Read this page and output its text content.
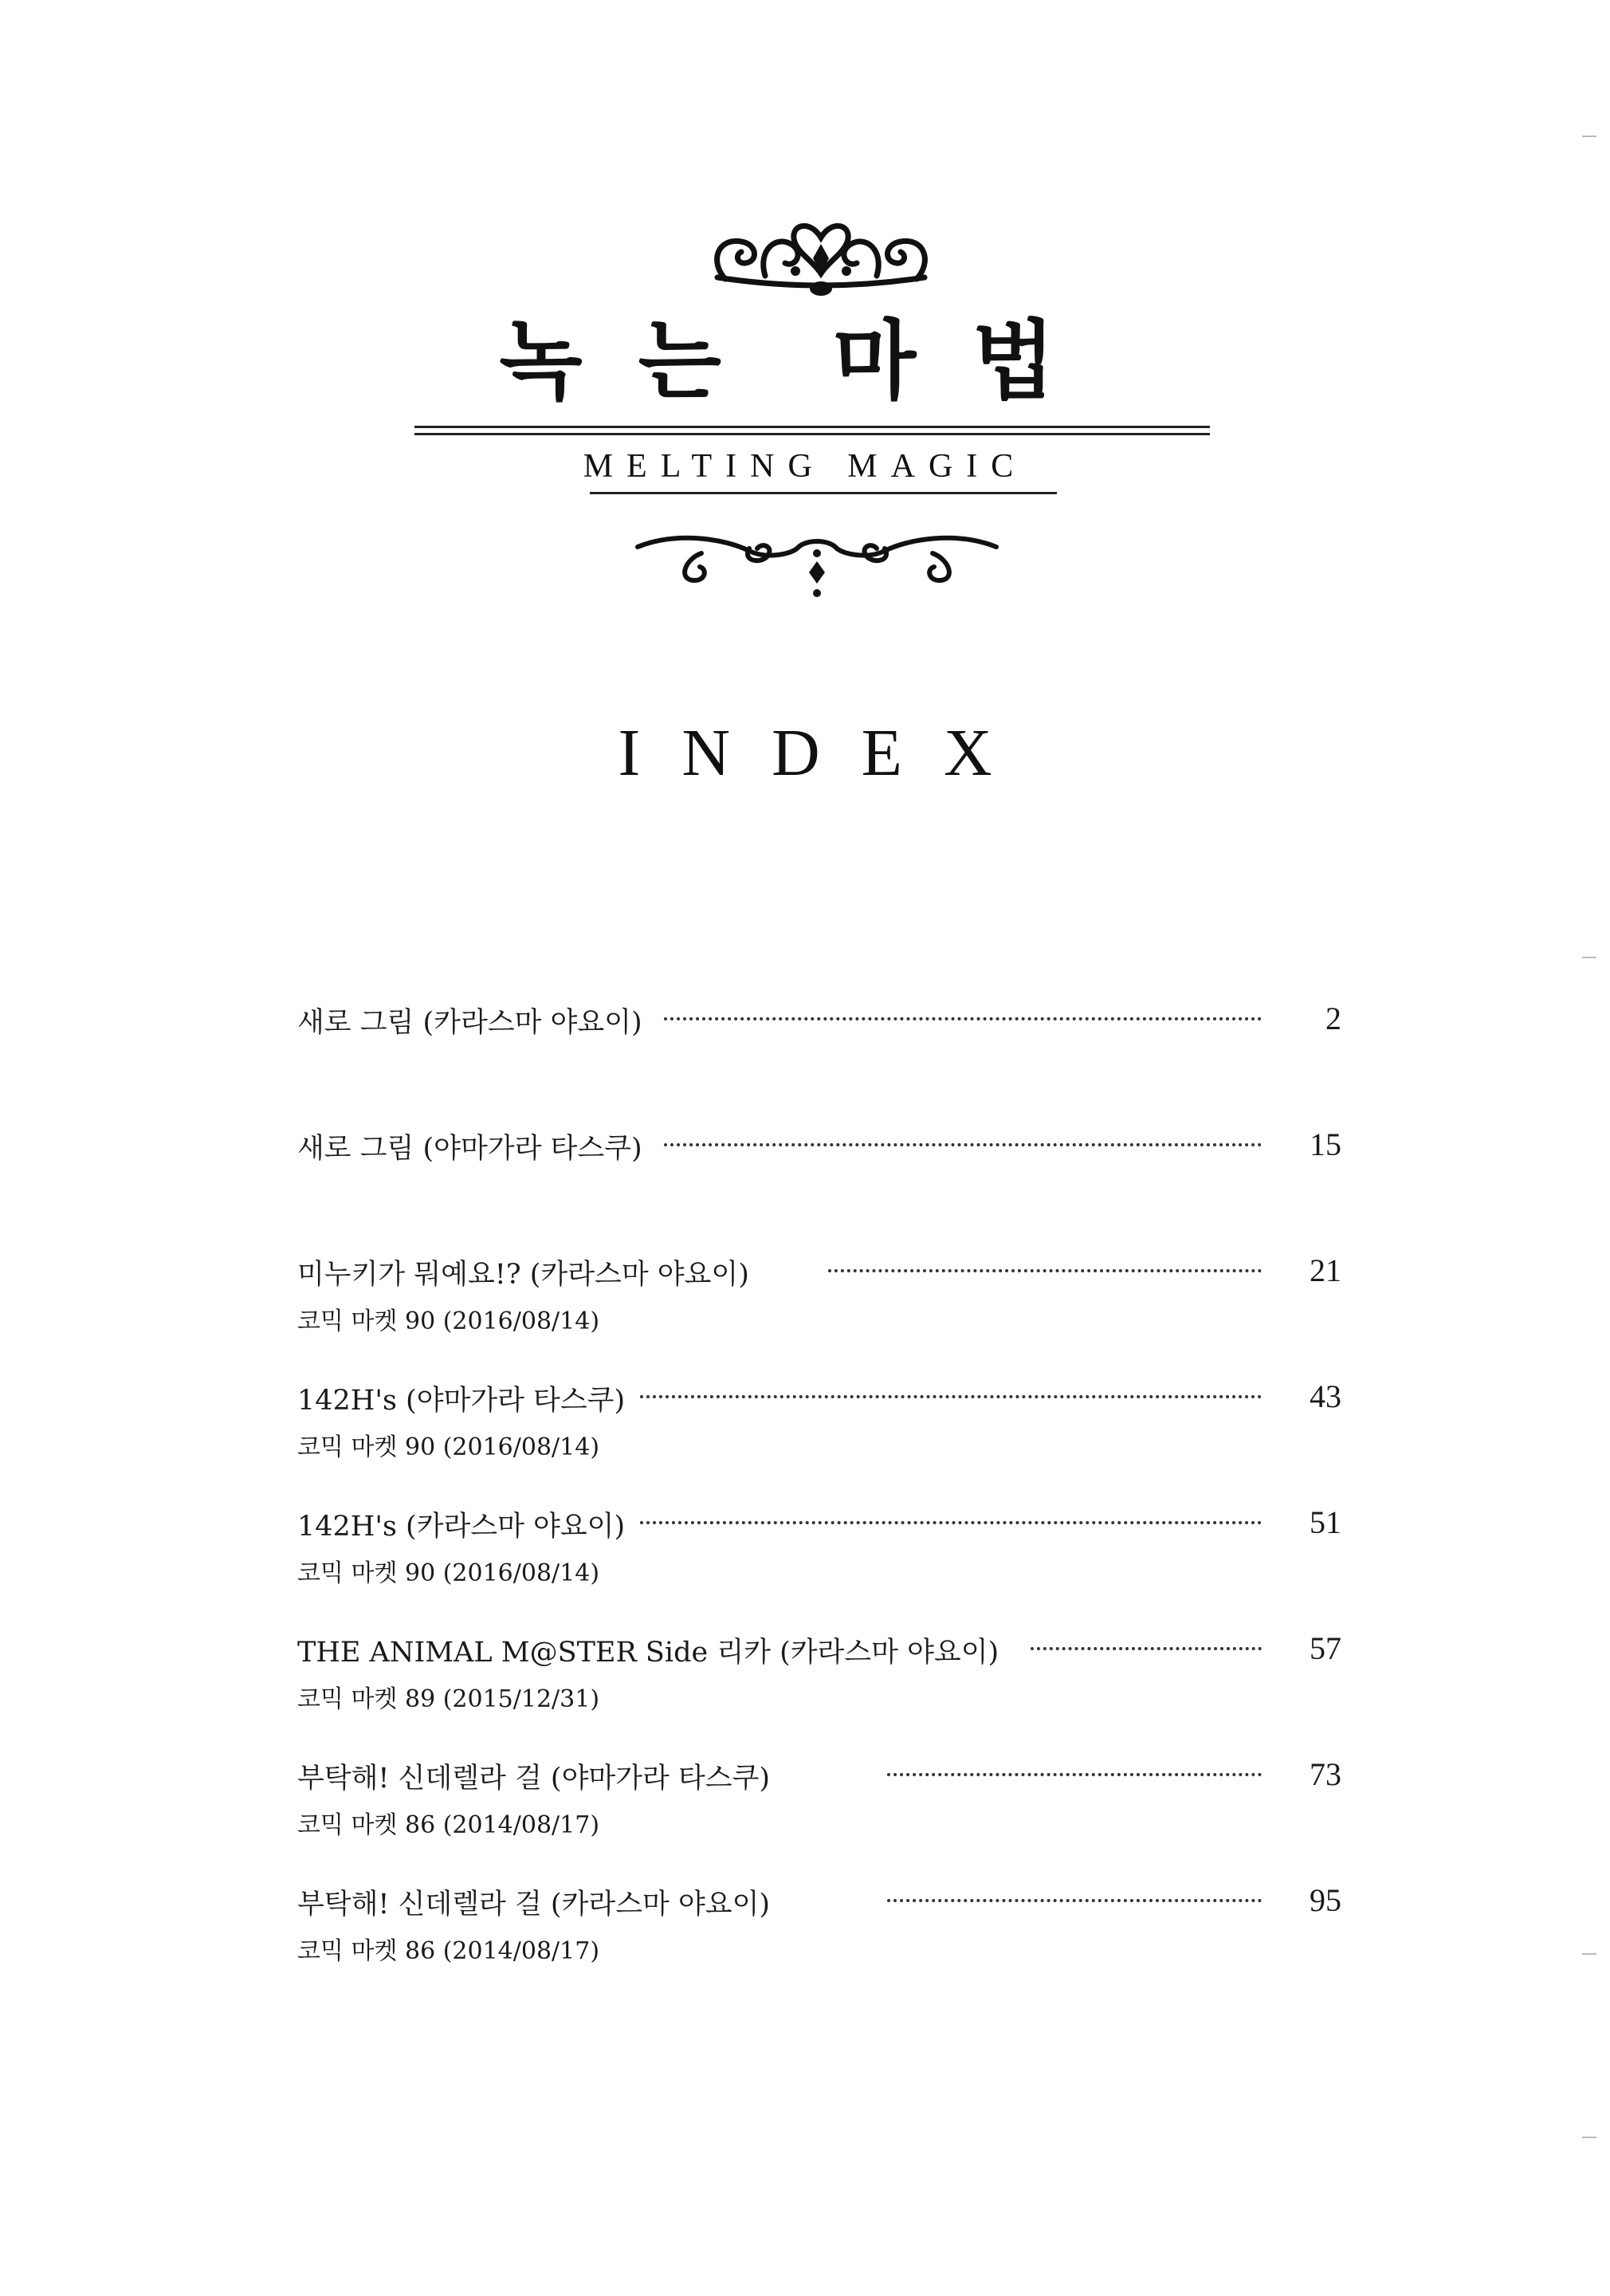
녹는 마법
MELTING MAGIC
INDEX
새로 그림 (카라스마 야요이)	2
새로 그림 (야마가라 타스쿠)	15
미누키가 뭐예요!? (카라스마 야요이)	21
코믹 마켓 90 (2016/08/14)
142H's (야마가라 타스쿠)	43
코믹 마켓 90 (2016/08/14)
142H's (카라스마 야요이)	51
코믹 마켓 90 (2016/08/14)
THE ANIMAL M@STER Side 리카 (카라스마 야요이)	57
코믹 마켓 89 (2015/12/31)
부탁해! 신데렐라 걸 (야마가라 타스쿠)	73
코믹 마켓 86 (2014/08/17)
부탁해! 신데렐라 걸 (카라스마 야요이)	95
코믹 마켓 86 (2014/08/17)
